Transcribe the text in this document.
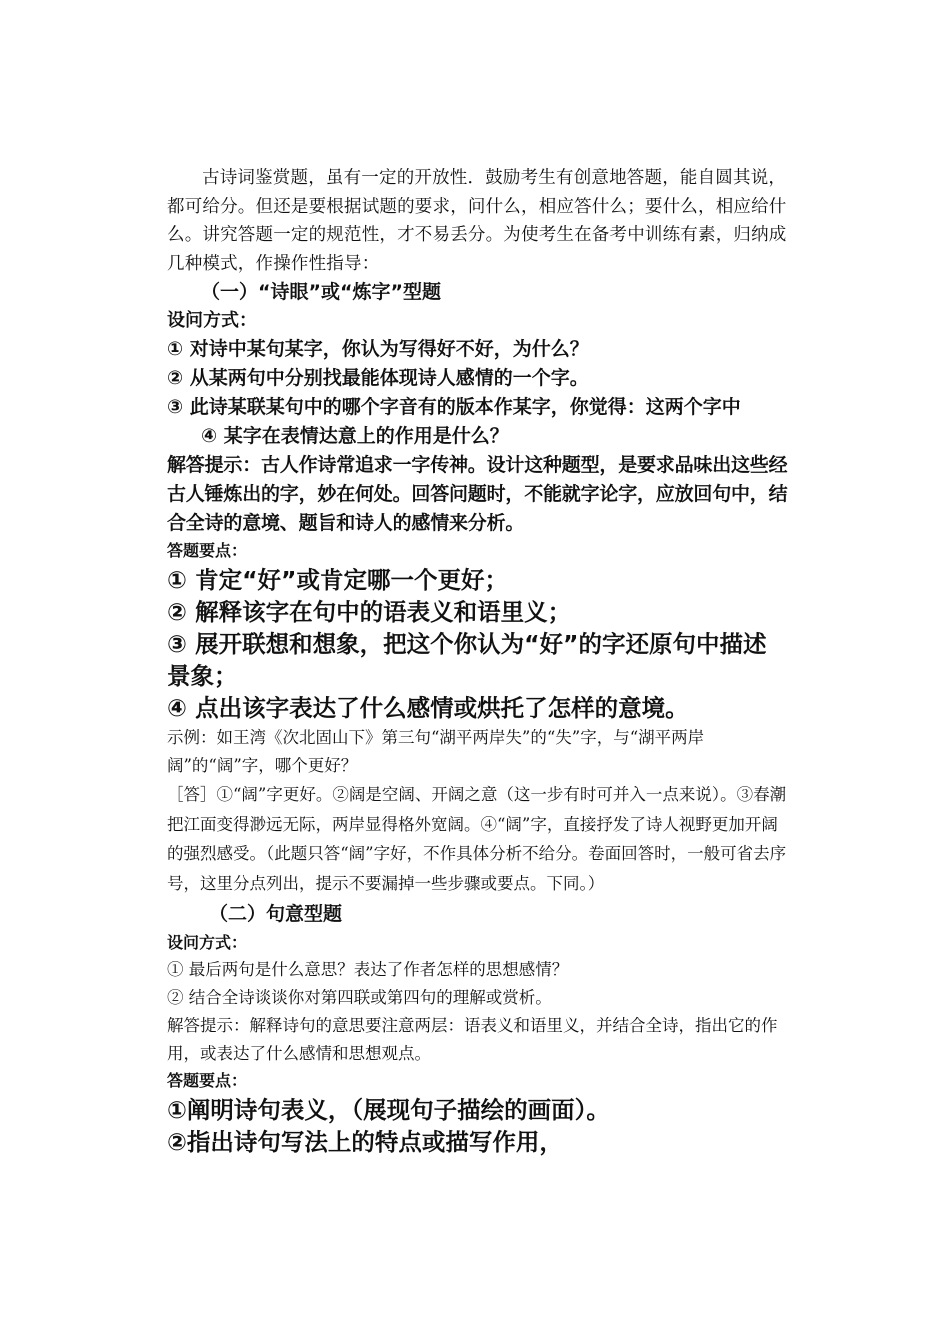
古诗词鉴赏题，虽有一定的开放性．鼓励考生有创意地答题，能自圆其说，都可给分。但还是要根据试题的要求，问什么，相应答什么；要什么，相应给什么。讲究答题一定的规范性，才不易丢分。为使考生在备考中训练有素，归纳成几种模式，作操作性指导：

（一）“诗眼”或“炼字”型题

设问方式：

① 对诗中某句某字，你认为写得好不好，为什么？

② 从某两句中分别找最能体现诗人感情的一个字。

③ 此诗某联某句中的哪个字音有的版本作某字，你觉得：这两个字中

④ 某字在表情达意上的作用是什么？

解答提示：古人作诗常追求一字传神。设计这种题型，是要求品味出这些经古人锤炼出的字，妙在何处。回答问题时，不能就字论字，应放回句中，结合全诗的意境、题旨和诗人的感情来分析。

答题要点：

① 肯定“好”或肯定哪一个更好；

② 解释该字在句中的语表义和语里义；

③ 展开联想和想象，把这个你认为“好”的字还原句中描述景象；

④ 点出该字表达了什么感情或烘托了怎样的意境。

示例：如王湾《次北固山下》第三句“湖平两岸失”的“失”字，与“湖平两岸阔”的“阔”字，哪个更好？

［答］①“阔”字更好。②阔是空阔、开阔之意（这一步有时可并入一点来说）。③春潮把江面变得渺远无际，两岸显得格外宽阔。④“阔”字，直接抒发了诗人视野更加开阔的强烈感受。（此题只答“阔”字好，不作具体分析不给分。卷面回答时，一般可省去序号，这里分点列出，提示不要漏掉一些步骤或要点。下同。）

（二）句意型题

设问方式：

① 最后两句是什么意思？表达了作者怎样的思想感情？

② 结合全诗谈谈你对第四联或第四句的理解或赏析。

解答提示：解释诗句的意思要注意两层：语表义和语里义，并结合全诗，指出它的作用，或表达了什么感情和思想观点。

答题要点：

①阐明诗句表义，（展现句子描绘的画面）。

②指出诗句写法上的特点或描写作用，
